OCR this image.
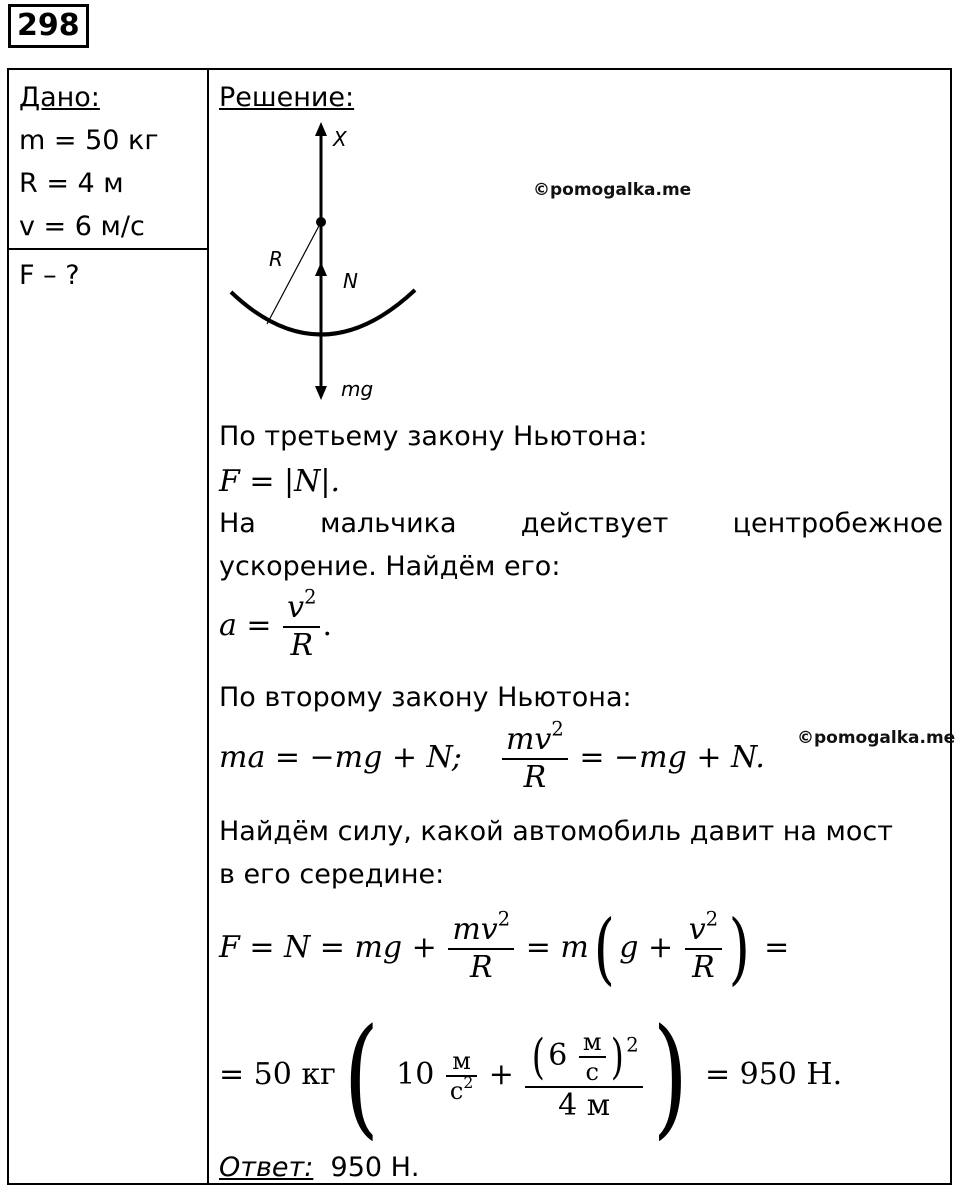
298
Дано:
m = 50 кг
R = 4 м
v = 6 м/с
F – ?
Решение:
X
R
N
mg
©pomogalka.me
По третьему закону Ньютона:
F = |N|.
На мальчика действует центробежное
ускорение. Найдём его:
$a = \frac{v^2}{R}$ .
По второму закону Ньютона:
©pomogalka.me
ma = −mg + N; $\frac{mv^2}{R} = -mg + N$.
Найдём силу, какой автомобиль давит на мост
в его середине:
F = N = mg + $\frac{mv^2}{R} = m$( $g + \frac{v^2}{R}$ ) =
= 50 кг( $10 \frac{м}{с^2} + \frac{(6 \frac{м}{с} ) ^2}{4 м}$ ) = 950 Н.
Ответ: 950 Н.
